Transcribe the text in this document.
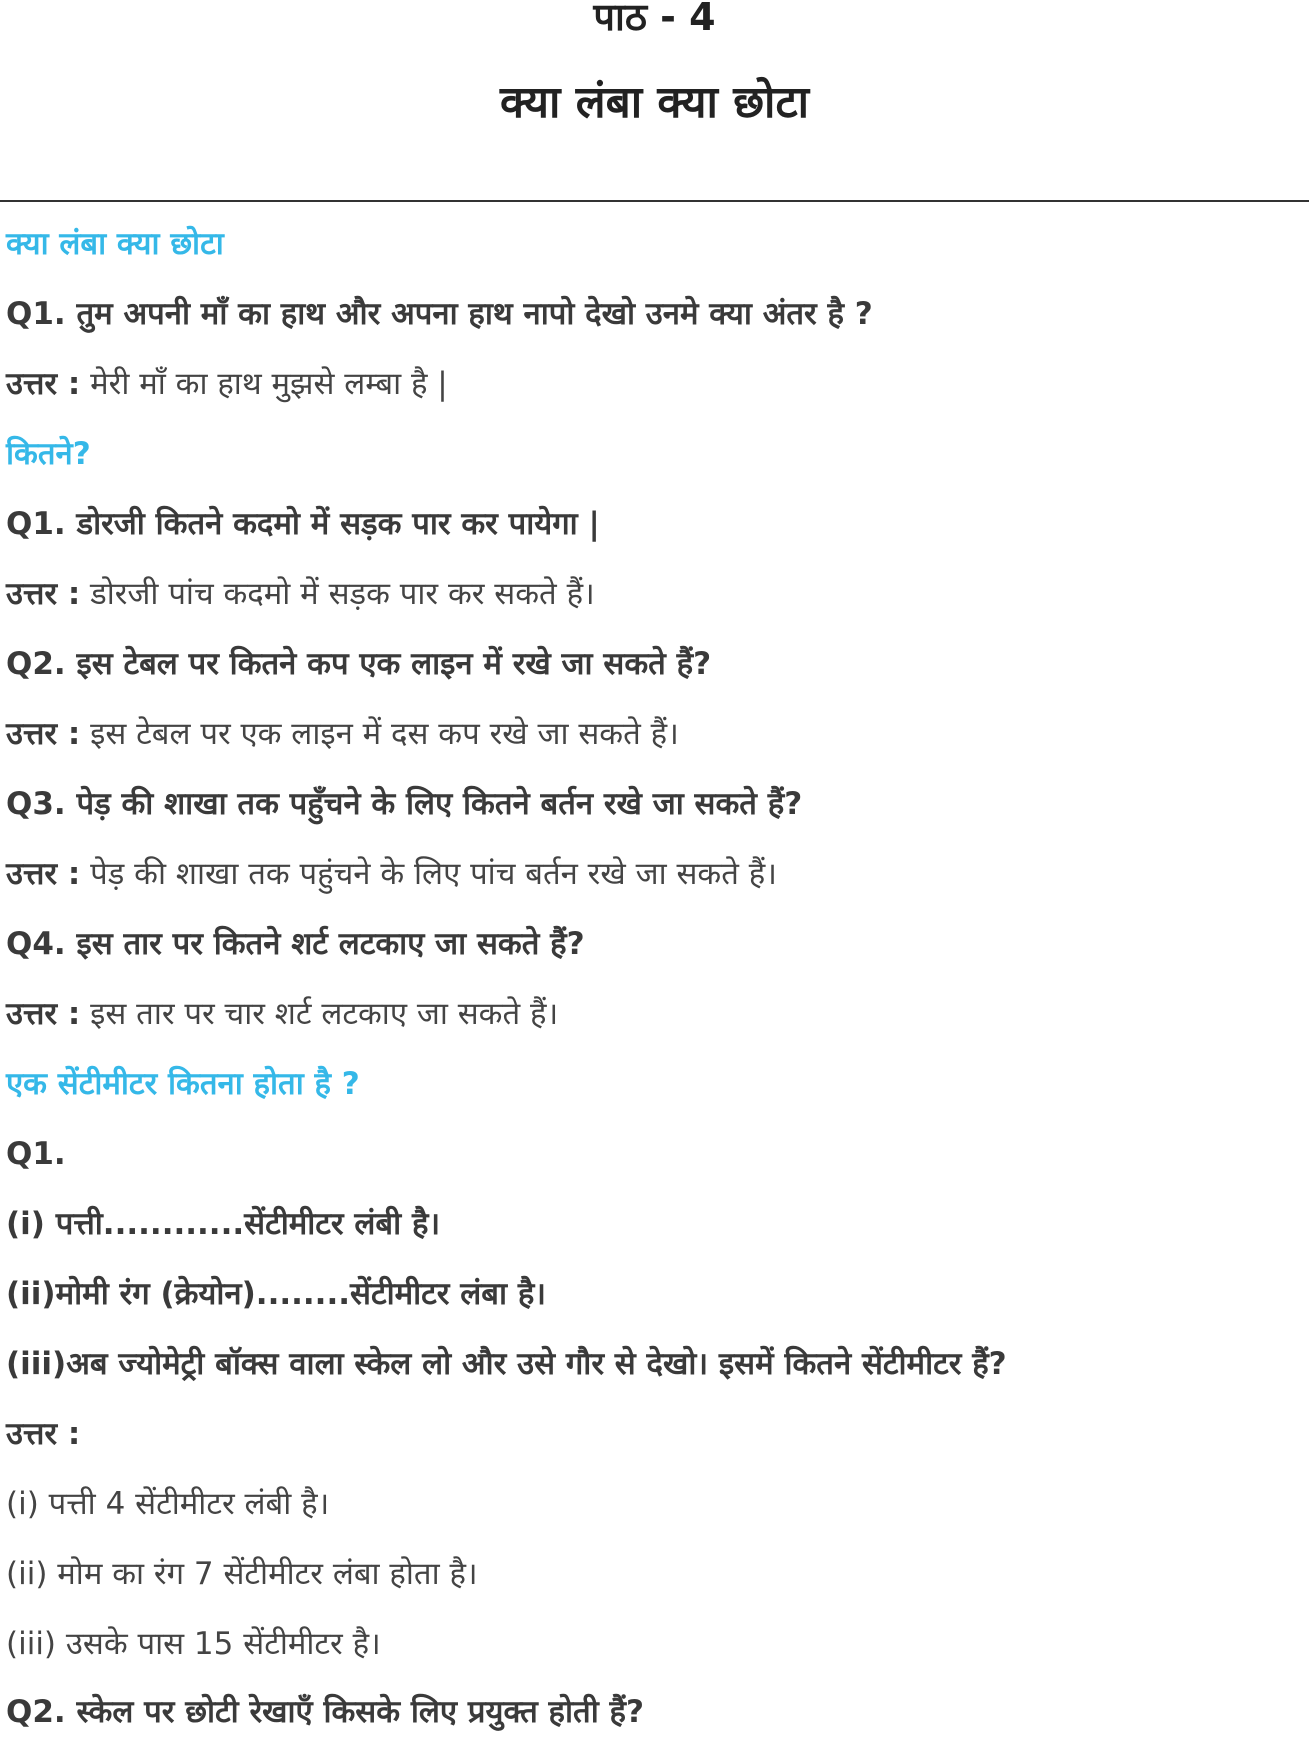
पाठ - 4
क्या लंबा क्या छोटा
क्या लंबा क्या छोटा
Q1. तुम अपनी माँ का हाथ और अपना हाथ नापो देखो उनमे क्या अंतर है ?
उत्तर : मेरी माँ का हाथ मुझसे लम्बा है |
कितने?
Q1. डोरजी कितने कदमो में सड़क पार कर पायेगा |
उत्तर : डोरजी पांच कदमो में सड़क पार कर सकते हैं।
Q2. इस टेबल पर कितने कप एक लाइन में रखे जा सकते हैं?
उत्तर : इस टेबल पर एक लाइन में दस कप रखे जा सकते हैं।
Q3. पेड़ की शाखा तक पहुँचने के लिए कितने बर्तन रखे जा सकते हैं?
उत्तर : पेड़ की शाखा तक पहुंचने के लिए पांच बर्तन रखे जा सकते हैं।
Q4. इस तार पर कितने शर्ट लटकाए जा सकते हैं?
उत्तर : इस तार पर चार शर्ट लटकाए जा सकते हैं।
एक सेंटीमीटर कितना होता है ?
Q1.
(i) पत्ती............सेंटीमीटर लंबी है।
(ii)मोमी रंग (क्रेयोन)........सेंटीमीटर लंबा है।
(iii)अब ज्योमेट्री बॉक्स वाला स्केल लो और उसे गौर से देखो। इसमें कितने सेंटीमीटर हैं?
उत्तर :
(i) पत्ती 4 सेंटीमीटर लंबी है।
(ii) मोम का रंग 7 सेंटीमीटर लंबा होता है।
(iii) उसके पास 15 सेंटीमीटर है।
Q2. स्केल पर छोटी रेखाएँ किसके लिए प्रयुक्त होती हैं?
